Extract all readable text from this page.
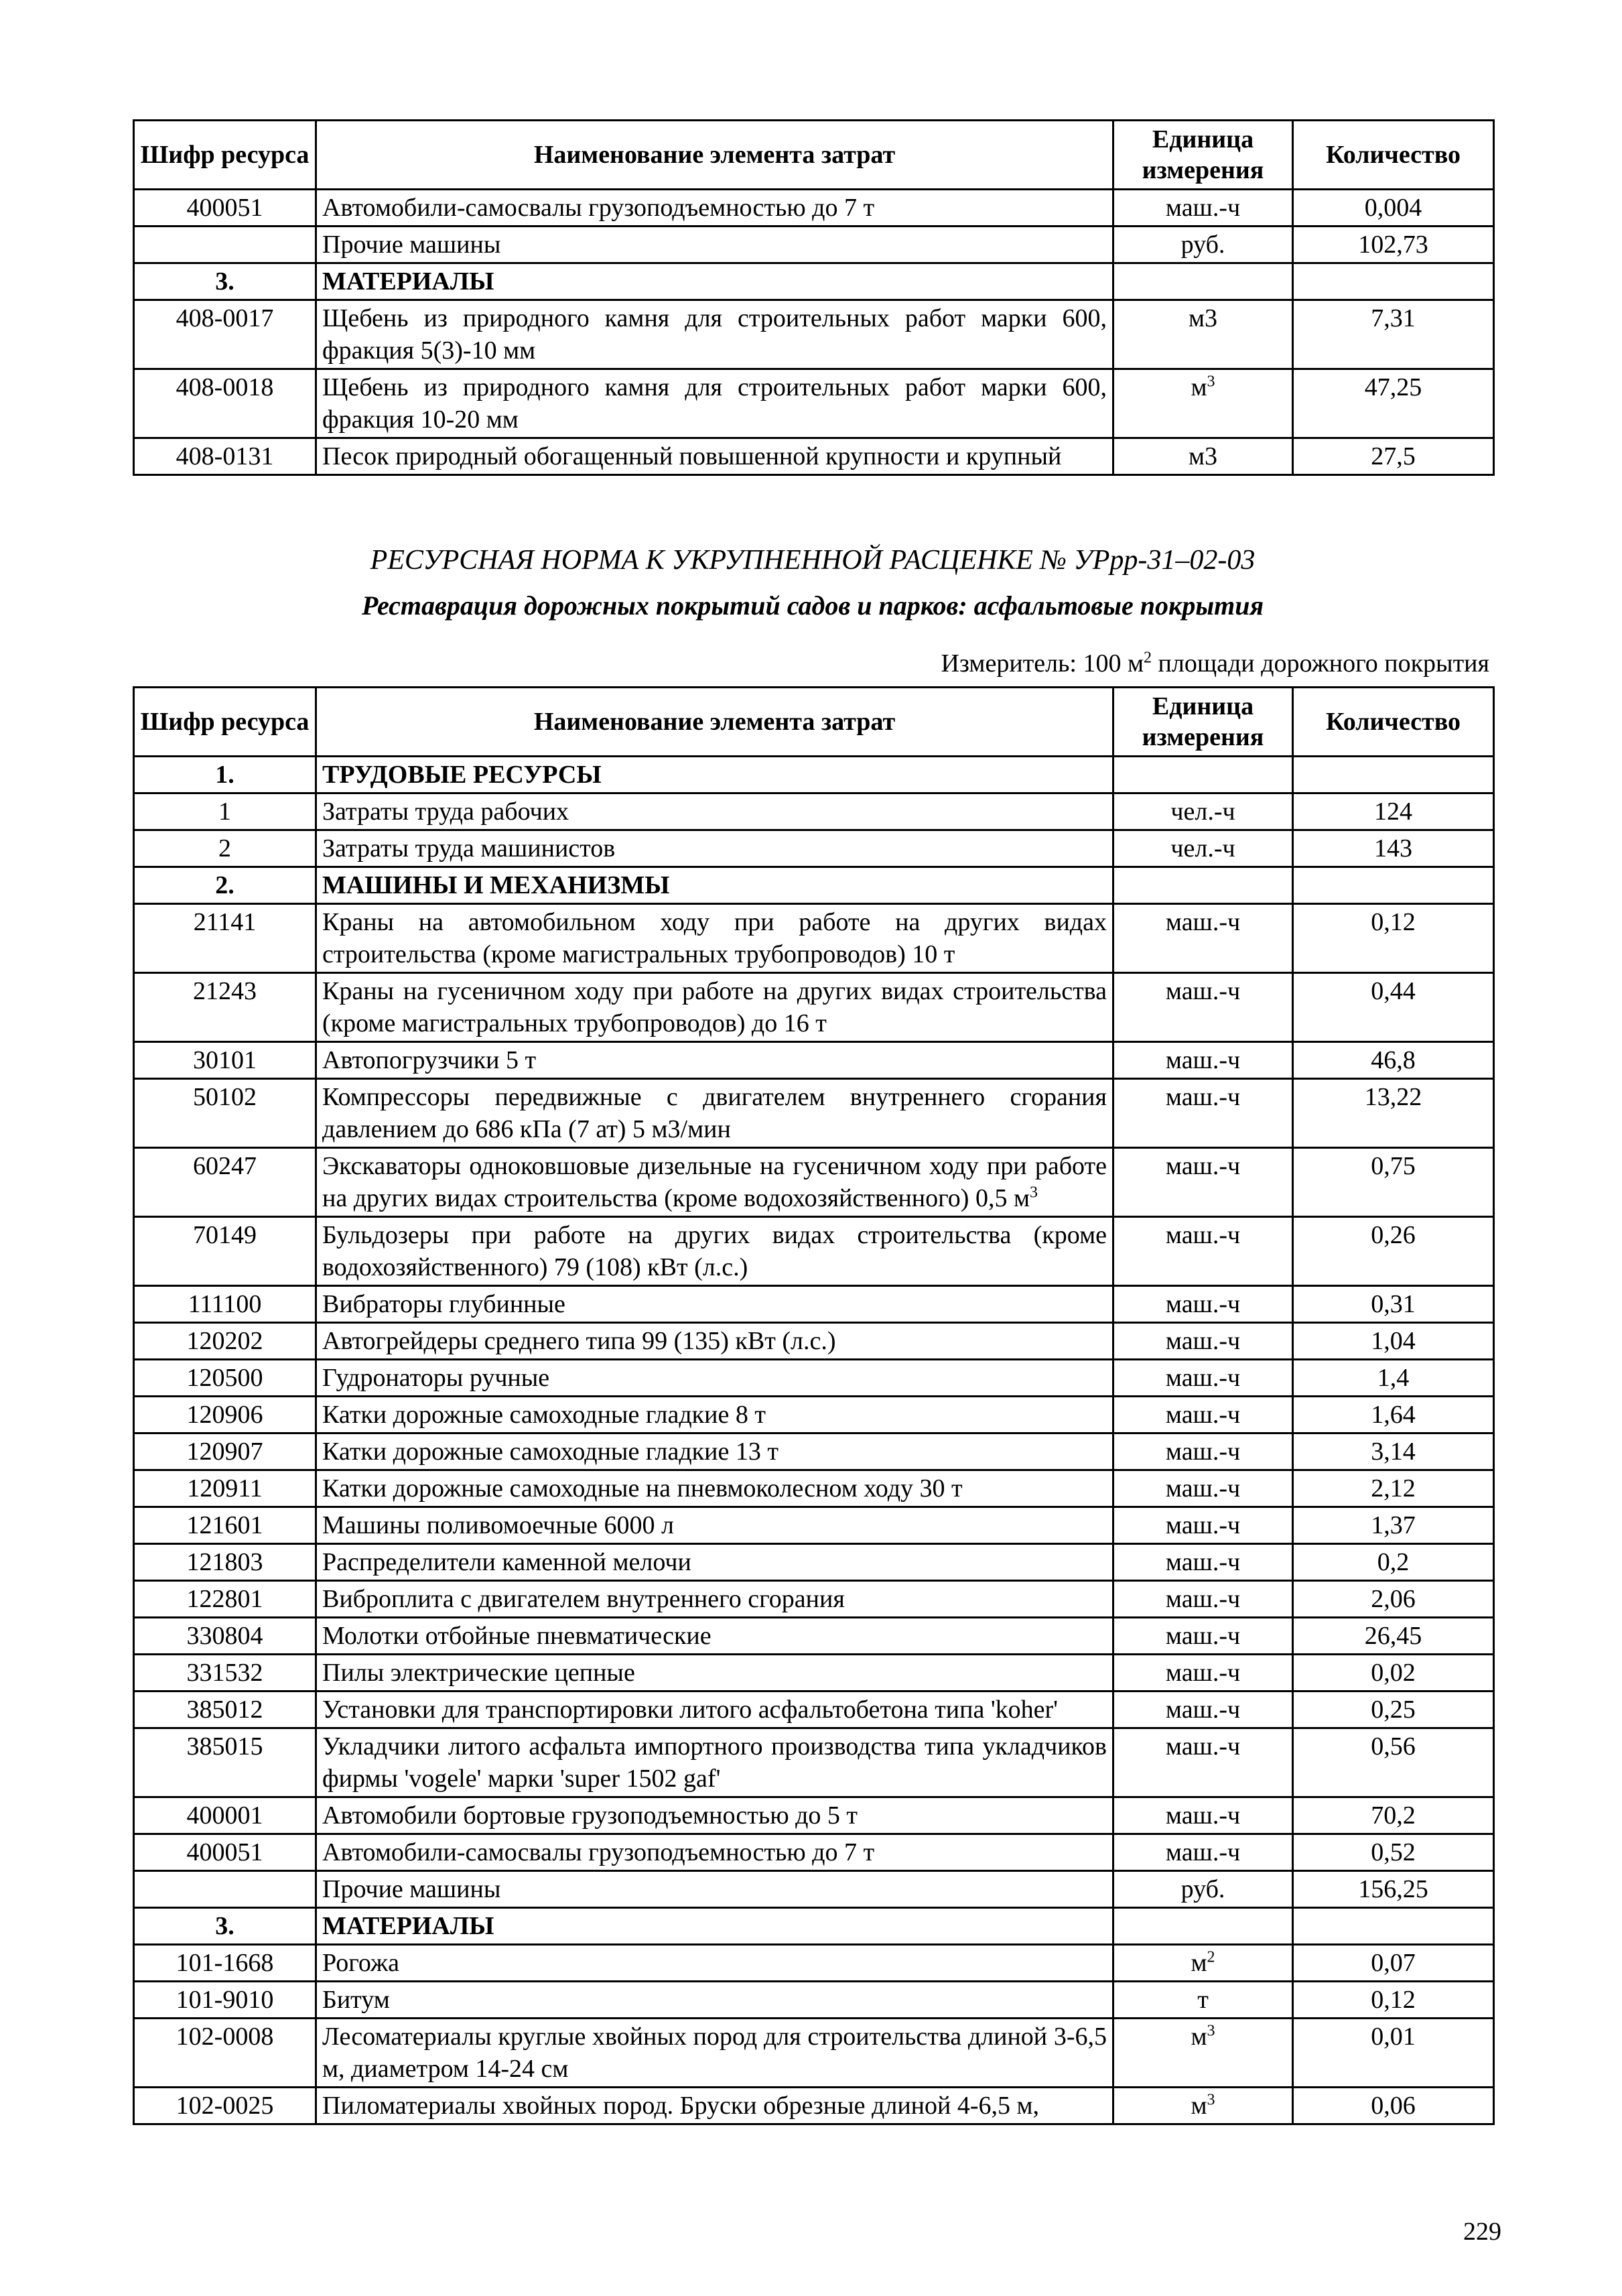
Шифр ресурса	Наименование элемента затрат	Единица измерения	Количество
400051	Автомобили-самосвалы грузоподъемностью до 7 т	маш.-ч	0,004
	Прочие машины	руб.	102,73
3.	МАТЕРИАЛЫ		
408-0017	Щебень из природного камня для строительных работ марки 600, фракция 5(3)-10 мм	м3	7,31
408-0018	Щебень из природного камня для строительных работ марки 600, фракция 10-20 мм	$м^3$	47,25
408-0131	Песок природный обогащенный повышенной крупности и крупный	м3	27,5
РЕСУРСНАЯ НОРМА К УКРУПНЕННОЙ РАСЦЕНКЕ № УРрр-31–02-03
Реставрация дорожных покрытий садов и парков: асфальтовые покрытия
Измеритель: 100 $м^2$ площади дорожного покрытия
Шифр ресурса	Наименование элемента затрат	Единица измерения	Количество
1.	ТРУДОВЫЕ РЕСУРСЫ		
1	Затраты труда рабочих	чел.-ч	124
2	Затраты труда машинистов	чел.-ч	143
2.	МАШИНЫ И МЕХАНИЗМЫ		
21141	Краны на автомобильном ходу при работе на других видах строительства (кроме магистральных трубопроводов) 10 т	маш.-ч	0,12
21243	Краны на гусеничном ходу при работе на других видах строительства (кроме магистральных трубопроводов) до 16 т	маш.-ч	0,44
30101	Автопогрузчики 5 т	маш.-ч	46,8
50102	Компрессоры передвижные с двигателем внутреннего сгорания давлением до 686 кПа (7 ат) 5 м3/мин	маш.-ч	13,22
60247	Экскаваторы одноковшовые дизельные на гусеничном ходу при работе на других видах строительства (кроме водохозяйственного) 0,5 $м^3$	маш.-ч	0,75
70149	Бульдозеры при работе на других видах строительства (кроме водохозяйственного) 79 (108) кВт (л.с.)	маш.-ч	0,26
111100	Вибраторы глубинные	маш.-ч	0,31
120202	Автогрейдеры среднего типа 99 (135) кВт (л.с.)	маш.-ч	1,04
120500	Гудронаторы ручные	маш.-ч	1,4
120906	Катки дорожные самоходные гладкие 8 т	маш.-ч	1,64
120907	Катки дорожные самоходные гладкие 13 т	маш.-ч	3,14
120911	Катки дорожные самоходные на пневмоколесном ходу 30 т	маш.-ч	2,12
121601	Машины поливомоечные 6000 л	маш.-ч	1,37
121803	Распределители каменной мелочи	маш.-ч	0,2
122801	Виброплита с двигателем внутреннего сгорания	маш.-ч	2,06
330804	Молотки отбойные пневматические	маш.-ч	26,45
331532	Пилы электрические цепные	маш.-ч	0,02
385012	Установки для транспортировки литого асфальтобетона типа 'koher'	маш.-ч	0,25
385015	Укладчики литого асфальта импортного производства типа укладчиков фирмы 'vogele' марки 'super 1502 gaf'	маш.-ч	0,56
400001	Автомобили бортовые грузоподъемностью до 5 т	маш.-ч	70,2
400051	Автомобили-самосвалы грузоподъемностью до 7 т	маш.-ч	0,52
	Прочие машины	руб.	156,25
3.	МАТЕРИАЛЫ		
101-1668	Рогожа	$м^2$	0,07
101-9010	Битум	т	0,12
102-0008	Лесоматериалы круглые хвойных пород для строительства длиной 3-6,5 м, диаметром 14-24 см	$м^3$	0,01
102-0025	Пиломатериалы хвойных пород. Бруски обрезные длиной 4-6,5 м,	$м^3$	0,06
229
